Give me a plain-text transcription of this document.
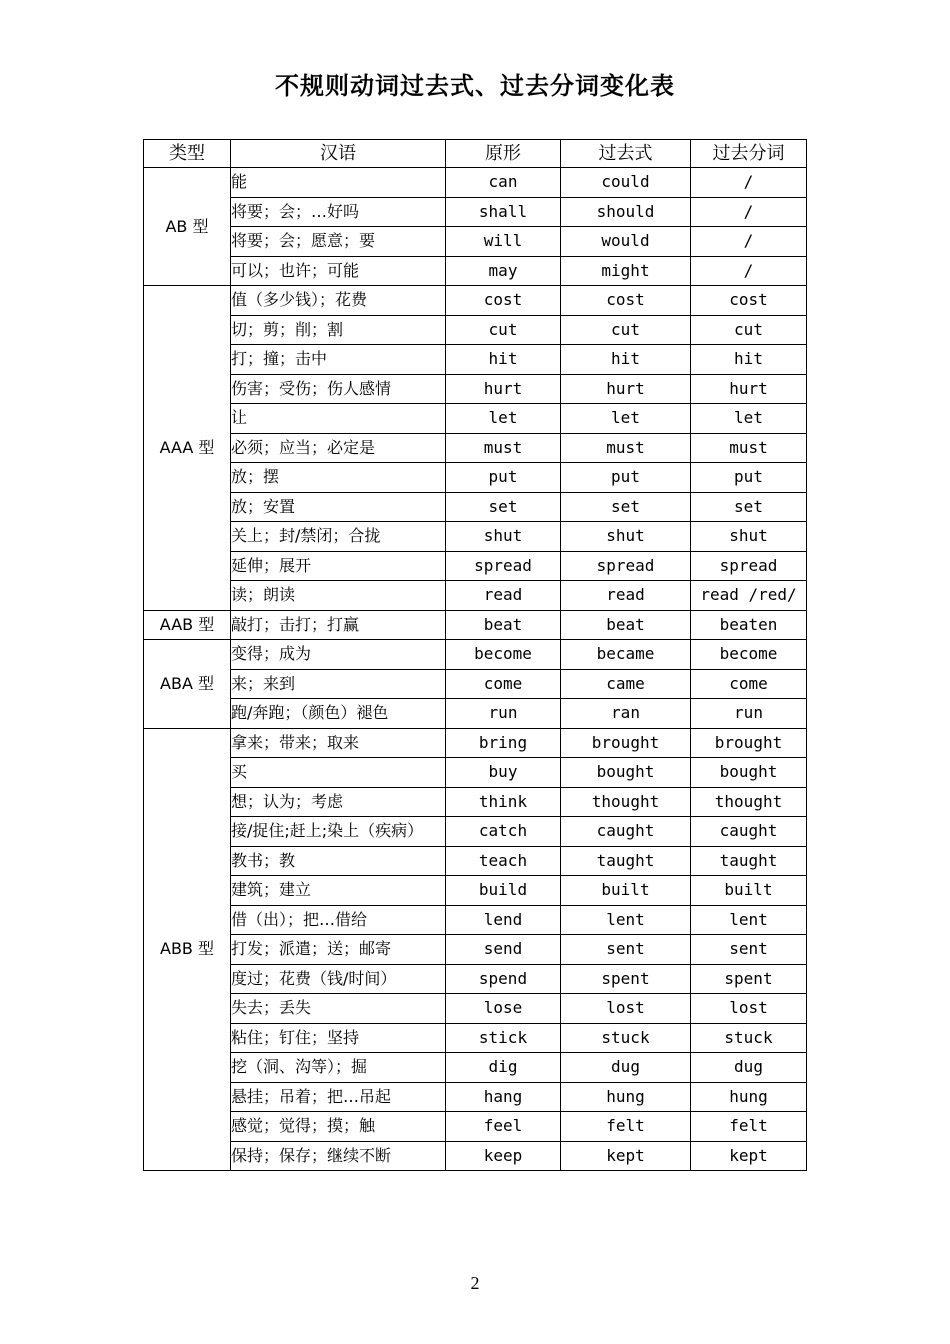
不规则动词过去式、过去分词变化表
类型	汉语	原形	过去式	过去分词
AB 型	能	can	could	/
	将要；会；…好吗	shall	should	/
	将要；会；愿意；要	will	would	/
	可以；也许；可能	may	might	/
AAA 型	值（多少钱）；花费	cost	cost	cost
	切；剪；削；割	cut	cut	cut
	打；撞；击中	hit	hit	hit
	伤害；受伤；伤人感情	hurt	hurt	hurt
	让	let	let	let
	必须；应当；必定是	must	must	must
	放；摆	put	put	put
	放；安置	set	set	set
	关上；封/禁闭；合拢	shut	shut	shut
	延伸；展开	spread	spread	spread
	读；朗读	read	read	read /red/
AAB 型	敲打；击打；打赢	beat	beat	beaten
ABA 型	变得；成为	become	became	become
	来；来到	come	came	come
	跑/奔跑；（颜色）褪色	run	ran	run
ABB 型	拿来；带来；取来	bring	brought	brought
	买	buy	bought	bought
	想；认为；考虑	think	thought	thought
	接/捉住;赶上;染上（疾病）	catch	caught	caught
	教书；教	teach	taught	taught
	建筑；建立	build	built	built
	借（出）；把…借给	lend	lent	lent
	打发；派遣；送；邮寄	send	sent	sent
	度过；花费（钱/时间）	spend	spent	spent
	失去；丢失	lose	lost	lost
	粘住；钉住；坚持	stick	stuck	stuck
	挖（洞、沟等）；掘	dig	dug	dug
	悬挂；吊着；把…吊起	hang	hung	hung
	感觉；觉得；摸；触	feel	felt	felt
	保持；保存；继续不断	keep	kept	kept
2
